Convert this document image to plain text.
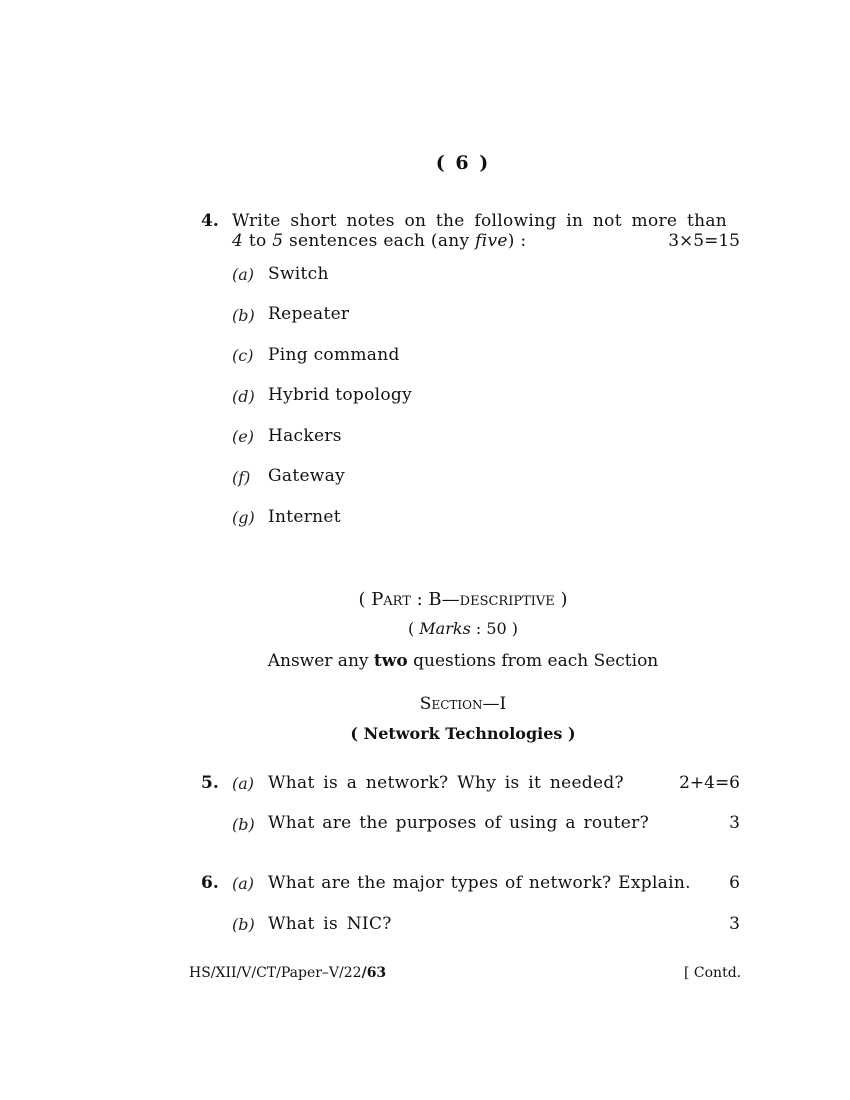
( 6 )
4. Write short notes on the following in not more than
4 to 5 sentences each (any five) :	3×5=15
(a) Switch
(b) Repeater
(c) Ping command
(d) Hybrid topology
(e) Hackers
(f) Gateway
(g) Internet
( Part : B—descriptive )
( Marks : 50 )
Answer any two questions from each Section
Section—I
( Network Technologies )
5. (a) What is a network? Why is it needed?	2+4=6
(b) What are the purposes of using a router?	3
6. (a) What are the major types of network? Explain. 6
(b) What is NIC?	3
HS/XII/V/CT/Paper–V/22/63	[ Contd.
